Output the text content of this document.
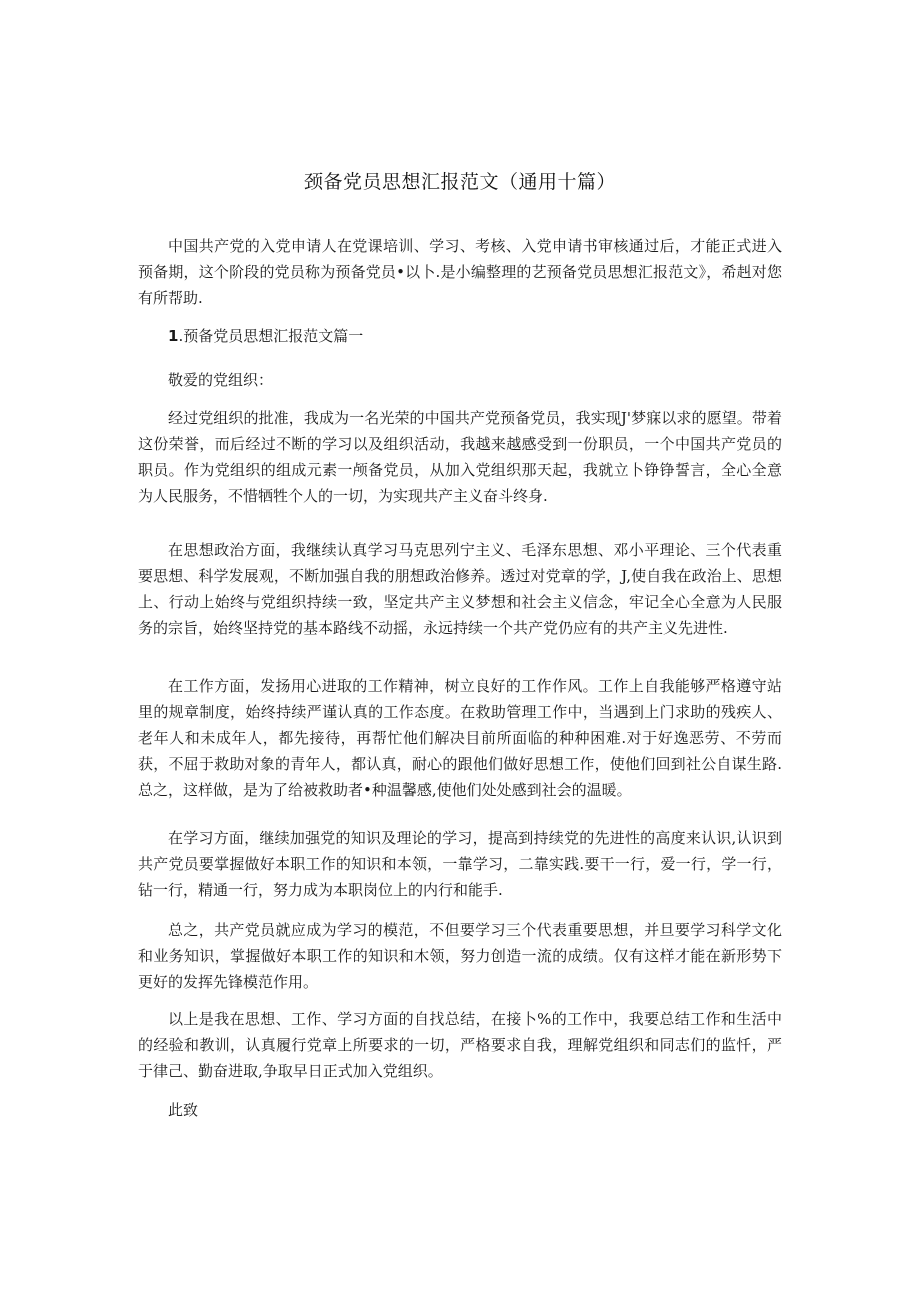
颈备党员思想汇报范文（通用十篇）

中国共产党的入党申请人在党课培训、学习、考核、入党申请书审核通过后，才能正式进入预备期，这个阶段的党员称为预备党员•以卜.是小编整理的艺预备党员思想汇报范文》，希赳对您有所帮助.

1.预备党员思想汇报范文篇一

敬爱的党组织：

经过党组织的批准，我成为一名光荣的中国共产党预备党员，我实现J'梦寐以求的愿望。带着这份荣誉，而后经过不断的学习以及组织活动，我越来越感受到一份职员，一个中国共产党员的职员。作为党组织的组成元素一颅备党员，从加入党组织那天起，我就立卜铮铮誓言，全心全意为人民服务，不惜牺牲个人的一切，为实现共产主义奋斗终身.

在思想政治方面，我继续认真学习马克思列宁主义、毛泽东思想、邓小平理论、三个代表重要思想、科学发展观，不断加强自我的朋想政治修养。透过对党章的学，J,使自我在政治上、思想上、行动上始终与党组织持续一致，坚定共产主义梦想和社会主义信念，牢记全心全意为人民服务的宗旨，始终坚持党的基本路线不动摇，永远持续一个共产党仍应有的共产主义先进性.

在工作方面，发扬用心进取的工作精神，树立良好的工作作风。工作上自我能够严格遵守站里的规章制度，始终持续严谨认真的工作态度。在救助管理工作中，当遇到上门求助的残疾人、老年人和未成年人，都先接待，再帮忙他们解决目前所面临的种种困难.对于好逸恶劳、不劳而获，不屈于救助对象的青年人，都认真，耐心的跟他们做好思想工作，使他们回到社公自谋生路.总之，这样做，是为了给被救助者•种温馨感,使他们处处感到社会的温暖。

在学习方面，继续加强党的知识及理论的学习，提高到持续党的先进性的高度来认识,认识到共产党员要掌握做好本职工作的知识和本领，一靠学习，二靠实践.要干一行，爱一行，学一行，钻一行，精通一行，努力成为本职岗位上的内行和能手.

总之，共产党员就应成为学习的模范，不但要学习三个代表重要思想，并旦要学习科学文化和业务知识，掌握做好本职工作的知识和木领，努力创造一流的成绩。仅有这样才能在新形势下更好的发挥先锋模范作用。

以上是我在思想、工作、学习方面的自找总结，在接卜%的工作中，我要总结工作和生活中的经验和教训，认真履行党章上所要求的一切，严格要求自我，理解党组织和同志们的监忏，严于律己、勤奋进取,争取早日正式加入党组织。

此致
